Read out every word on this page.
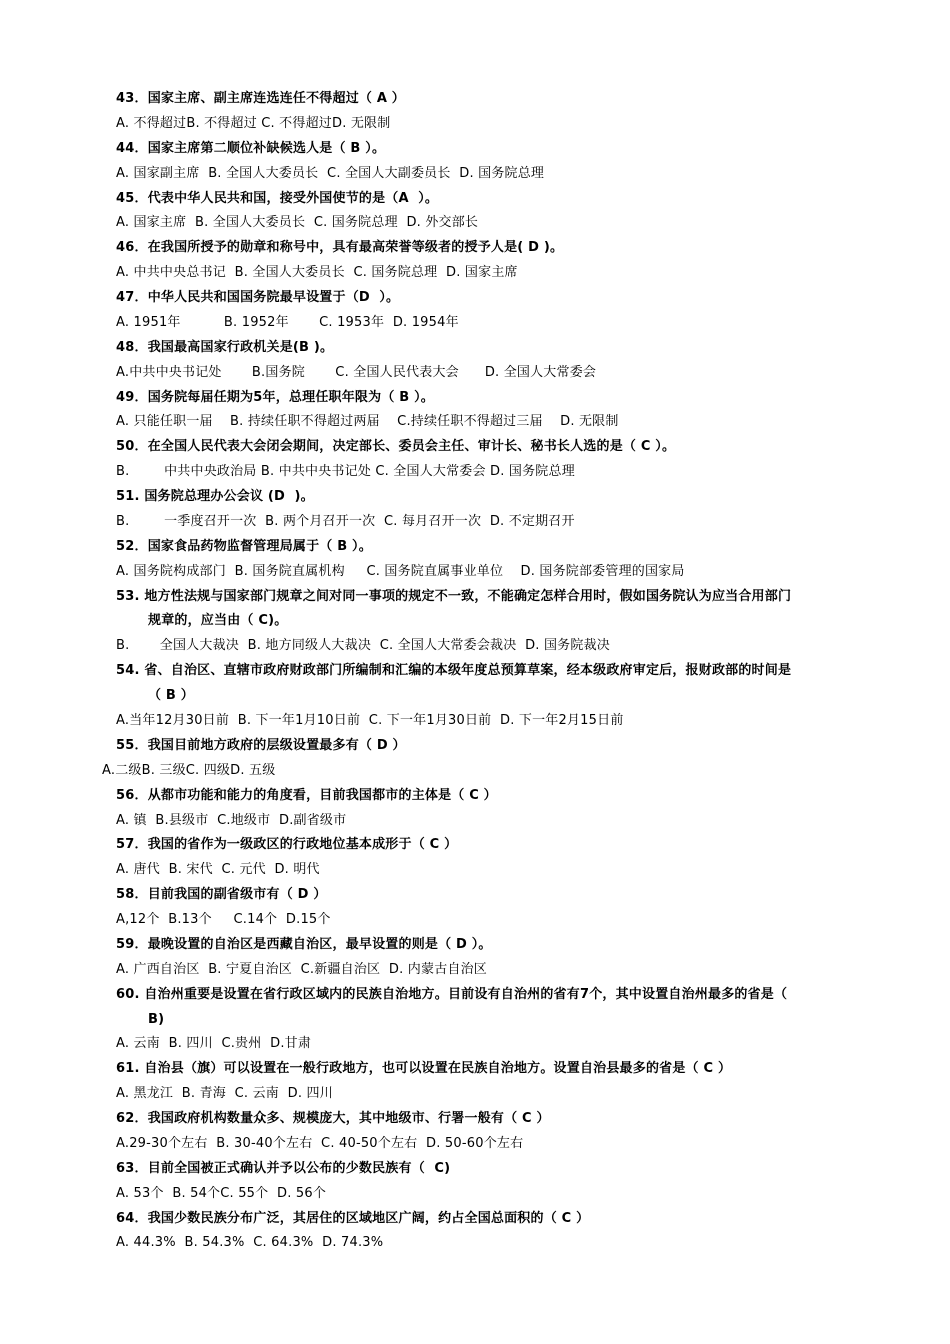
43．国家主席、副主席连选连任不得超过（ A ）
A. 不得超过B. 不得超过 C. 不得超过D. 无限制
44．国家主席第二顺位补缺候选人是（ B ）。
A. 国家副主席  B. 全国人大委员长  C. 全国人大副委员长  D. 国务院总理
45．代表中华人民共和国，接受外国使节的是（A  ）。
A. 国家主席  B. 全国人大委员长  C. 国务院总理  D. 外交部长
46．在我国所授予的勋章和称号中，具有最高荣誉等级者的授予人是( D )。
A. 中共中央总书记  B. 全国人大委员长  C. 国务院总理  D. 国家主席
47．中华人民共和国国务院最早设置于（D  ）。
A. 1951年          B. 1952年       C. 1953年  D. 1954年
48．我国最高国家行政机关是(B )。
A.中共中央书记处       B.国务院       C. 全国人民代表大会      D. 全国人大常委会
49．国务院每届任期为5年，总理任职年限为（ B ）。
A. 只能任职一届    B. 持续任职不得超过两届    C.持续任职不得超过三届    D. 无限制
50．在全国人民代表大会闭会期间，决定部长、委员会主任、审计长、秘书长人选的是（ C ）。
B.        中共中央政治局 B. 中共中央书记处 C. 全国人大常委会 D. 国务院总理
51. 国务院总理办公会议 (D  )。
B.        一季度召开一次  B. 两个月召开一次  C. 每月召开一次  D. 不定期召开
52．国家食品药物监督管理局属于（ B ）。
A. 国务院构成部门  B. 国务院直属机构     C. 国务院直属事业单位    D. 国务院部委管理的国家局
53. 地方性法规与国家部门规章之间对同一事项的规定不一致，不能确定怎样合用时，假如国务院认为应当合用部门
规章的，应当由（ C)。
B.       全国人大裁决  B. 地方同级人大裁决  C. 全国人大常委会裁决  D. 国务院裁决
54. 省、自治区、直辖市政府财政部门所编制和汇编的本级年度总预算草案，经本级政府审定后，报财政部的时间是
（ B ）
A.当年12月30日前  B. 下一年1月10日前  C. 下一年1月30日前  D. 下一年2月15日前
55．我国目前地方政府的层级设置最多有（ D ）
A.二级B. 三级C. 四级D. 五级
56．从都市功能和能力的角度看，目前我国都市的主体是（ C ）
A. 镇  B.县级市  C.地级市  D.副省级市
57．我国的省作为一级政区的行政地位基本成形于（ C ）
A. 唐代  B. 宋代  C. 元代  D. 明代
58．目前我国的副省级市有（ D ）
A,12个  B.13个     C.14个  D.15个
59．最晚设置的自治区是西藏自治区，最早设置的则是（ D ）。
A. 广西自治区  B. 宁夏自治区  C.新疆自治区  D. 内蒙古自治区
60. 自治州重要是设置在省行政区域内的民族自治地方。目前设有自治州的省有7个，其中设置自治州最多的省是（
B)
A. 云南  B. 四川  C.贵州  D.甘肃
61. 自治县（旗）可以设置在一般行政地方，也可以设置在民族自治地方。设置自治县最多的省是（ C ）
A. 黑龙江  B. 青海  C. 云南  D. 四川
62．我国政府机构数量众多、规模庞大，其中地级市、行署一般有（ C ）
A.29-30个左右  B. 30-40个左右  C. 40-50个左右  D. 50-60个左右
63．目前全国被正式确认并予以公布的少数民族有（  C)
A. 53个  B. 54个C. 55个  D. 56个
64．我国少数民族分布广泛，其居住的区域地区广阔，约占全国总面积的（ C ）
A. 44.3%  B. 54.3%  C. 64.3%  D. 74.3%
